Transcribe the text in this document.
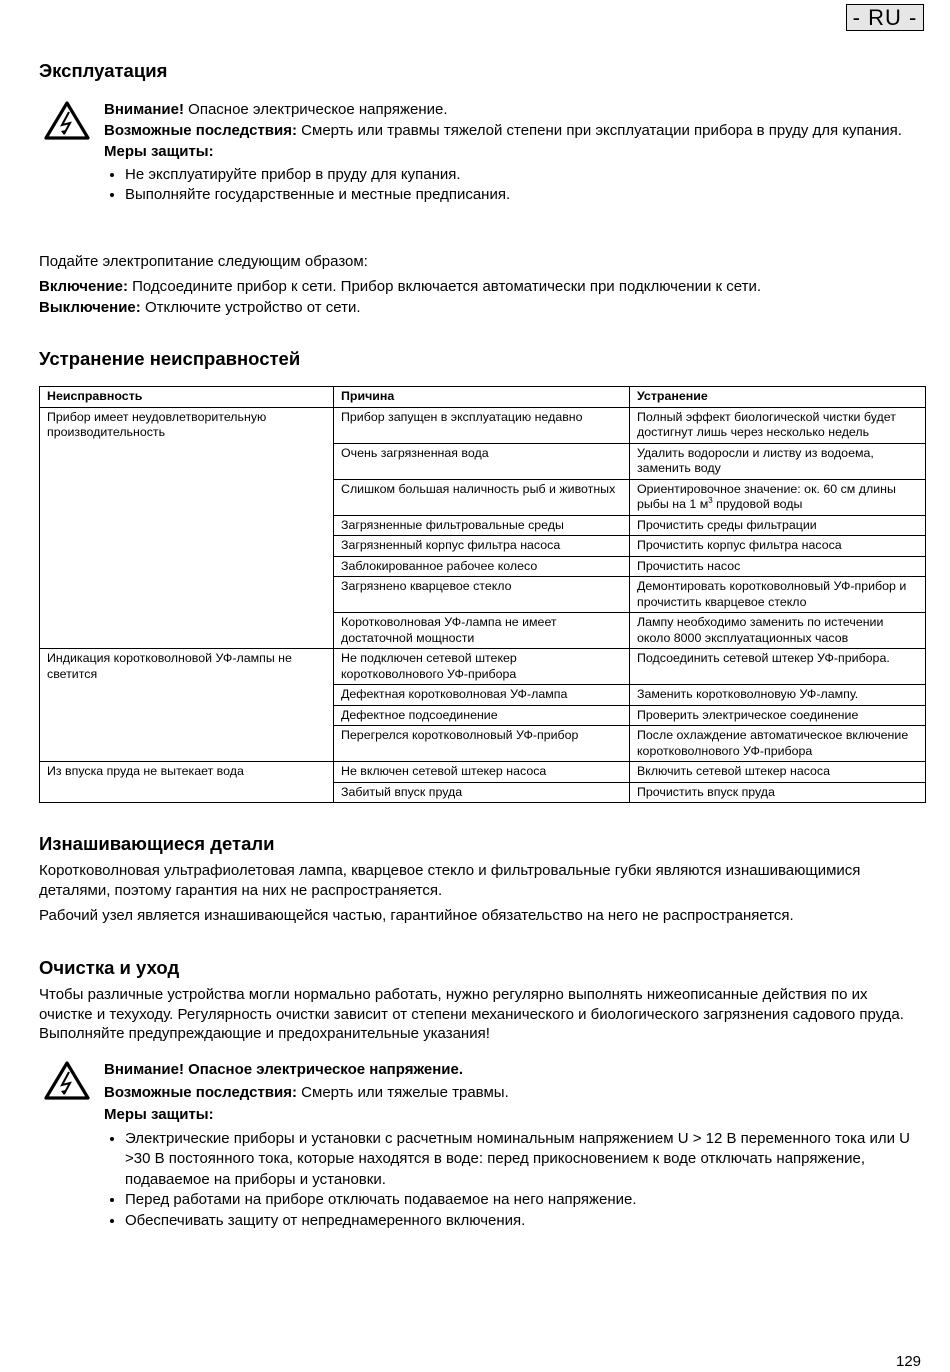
- RU -
Эксплуатация

Внимание! Опасное электрическое напряжение.

Возможные последствия: Смерть или травмы тяжелой степени при эксплуатации прибора в пруду для купания.

Меры защиты:

• Не эксплуатируйте прибор в пруду для купания.
• Выполняйте государственные и местные предписания.

Подайте электропитание следующим образом:

Включение: Подсоедините прибор к сети. Прибор включается автоматически при подключении к сети.

Выключение: Отключите устройство от сети.

Устранение неисправностей
Неисправность	Причина	Устранение
Прибор имеет неудовлетворительную производительность	Прибор запущен в эксплуатацию недавно	Полный эффект биологической чистки будет достигнут лишь через несколько недель
	Очень загрязненная вода	Удалить водоросли и листву из водоема, заменить воду
	Слишком большая наличность рыб и животных	Ориентировочное значение: ок. 60 см длины рыбы на 1 $м^3$ прудовой воды
	Загрязненные фильтровальные среды	Прочистить среды фильтрации
	Загрязненный корпус фильтра насоса	Прочистить корпус фильтра насоса
	Заблокированное рабочее колесо	Прочистить насос
	Загрязнено кварцевое стекло	Демонтировать коротковолновый УФ-прибор и прочистить кварцевое стекло
	Коротковолновая УФ-лампа не имеет достаточной мощности	Лампу необходимо заменить по истечении около 8000 эксплуатационных часов
Индикация коротковолновой УФ-лампы не светится	Не подключен сетевой штекер коротковолнового УФ-прибора	Подсоединить сетевой штекер УФ-прибора.
	Дефектная коротковолновая УФ-лампа	Заменить коротковолновую УФ-лампу.
	Дефектное подсоединение	Проверить электрическое соединение
	Перегрелся коротковолновый УФ-прибор	После охлаждение автоматическое включение коротковолнового УФ-прибора
Из впуска пруда не вытекает вода	Не включен сетевой штекер насоса	Включить сетевой штекер насоса
	Забитый впуск пруда	Прочистить впуск пруда
Изнашивающиеся детали

Коротковолновая ультрафиолетовая лампа, кварцевое стекло и фильтровальные губки являются изнашивающимися деталями, поэтому гарантия на них не распространяется.

Рабочий узел является изнашивающейся частью, гарантийное обязательство на него не распространяется.

Очистка и уход

Чтобы различные устройства могли нормально работать, нужно регулярно выполнять нижеописанные действия по их очистке и техуходу. Регулярность очистки зависит от степени механического и биологического загрязнения садового пруда. Выполняйте предупреждающие и предохранительные указания!

Внимание! Опасное электрическое напряжение.

Возможные последствия: Смерть или тяжелые травмы.

Меры защиты:

• Электрические приборы и установки с расчетным номинальным напряжением U > 12 В переменного тока или U >30 В постоянного тока, которые находятся в воде: перед прикосновением к воде отключать напряжение, подаваемое на приборы и установки.
• Перед работами на приборе отключать подаваемое на него напряжение.
• Обеспечивать защиту от непреднамеренного включения.
129
